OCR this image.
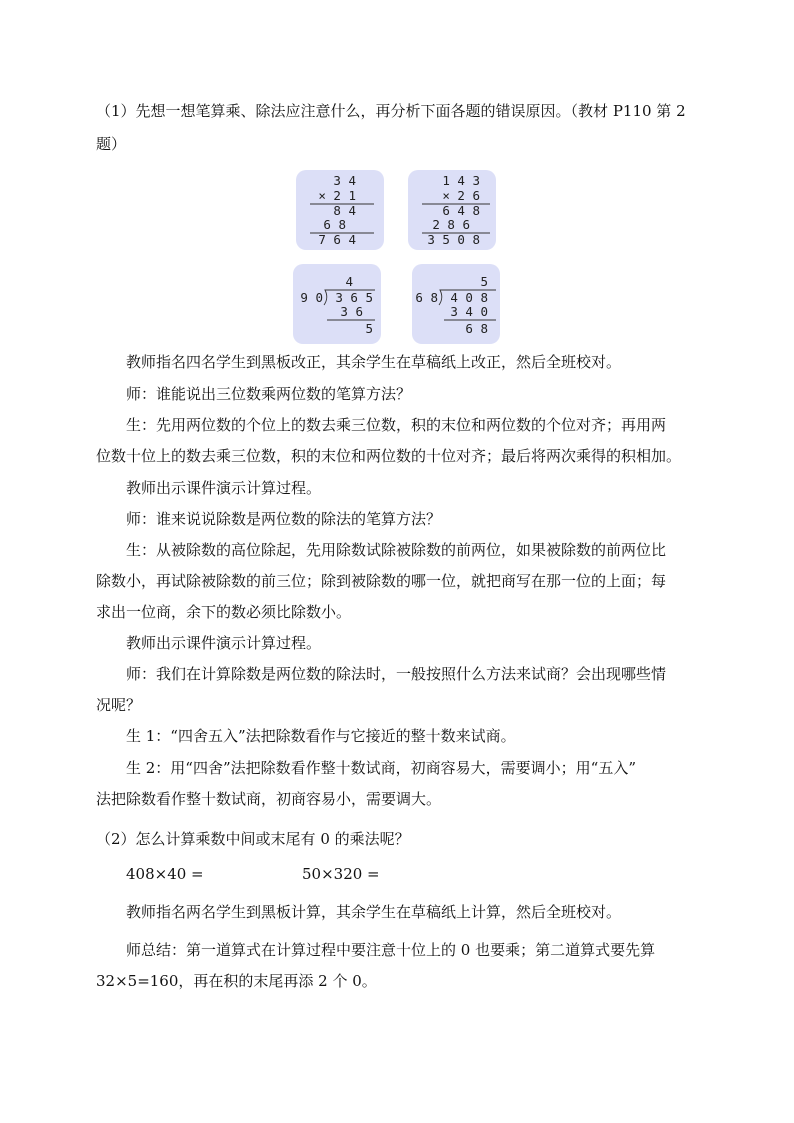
（1）先想一想笔算乘、除法应注意什么，再分析下面各题的错误原因。（教材 P110 第 2
题）
3 4
× 2 1
8 4
6 8
7 6 4
1 4 3
× 2 6
6 4 8
2 8 6
3 5 0 8
4
9 0 3 6 5
3 6
5
5
6 8 4 0 8
3 4 0
6 8
教师指名四名学生到黑板改正，其余学生在草稿纸上改正，然后全班校对。
师：谁能说出三位数乘两位数的笔算方法？
生：先用两位数的个位上的数去乘三位数，积的末位和两位数的个位对齐；再用两
位数十位上的数去乘三位数，积的末位和两位数的十位对齐；最后将两次乘得的积相加。
教师出示课件演示计算过程。
师：谁来说说除数是两位数的除法的笔算方法？
生：从被除数的高位除起，先用除数试除被除数的前两位，如果被除数的前两位比
除数小，再试除被除数的前三位；除到被除数的哪一位，就把商写在那一位的上面；每
求出一位商，余下的数必须比除数小。
教师出示课件演示计算过程。
师：我们在计算除数是两位数的除法时，一般按照什么方法来试商？会出现哪些情
况呢？
生 1：“四舍五入”法把除数看作与它接近的整十数来试商。
生 2：用“四舍”法把除数看作整十数试商，初商容易大，需要调小；用“五入”
法把除数看作整十数试商，初商容易小，需要调大。
（2）怎么计算乘数中间或末尾有 0 的乘法呢？
408×40 =	50×320 =
教师指名两名学生到黑板计算，其余学生在草稿纸上计算，然后全班校对。
师总结：第一道算式在计算过程中要注意十位上的 0 也要乘；第二道算式要先算
32×5=160，再在积的末尾再添 2 个 0。
